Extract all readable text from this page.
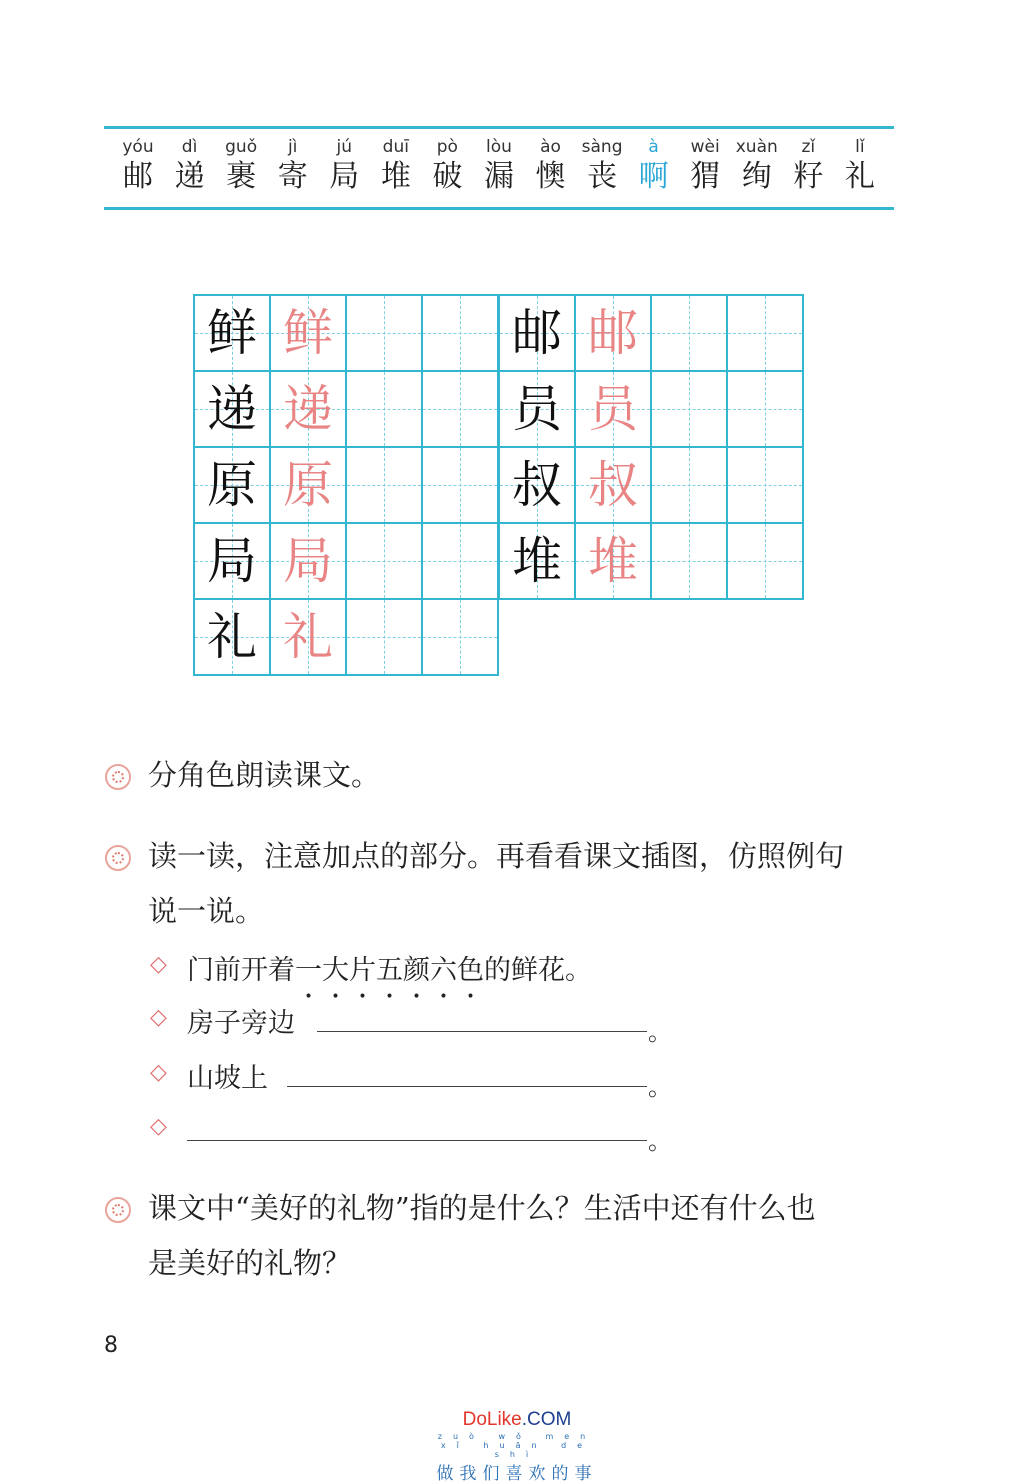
yóu
邮
dì
递
guǒ
裹
jì
寄
jú
局
duī
堆
pò
破
lòu
漏
ào
懊
sàng
丧
à
啊
wèi
猬
xuàn
绚
zǐ
籽
lǐ
礼
鲜 鲜
递 递
原 原
局 局
礼 礼
邮 邮
员 员
叔 叔
堆 堆
分角色朗读课文。
读一读，注意加点的部分。再看看课文插图，仿照例句
说一说。
◇ 门前开着一大片五颜六色的鲜花。
◇ 房子旁边	。
◇ 山坡上	。
◇
。
课文中“美好的礼物”指的是什么？生活中还有什么也
是美好的礼物？
8
DoLike.COM
zuò wǒ men xǐ huān de shì
做我们喜欢的事
